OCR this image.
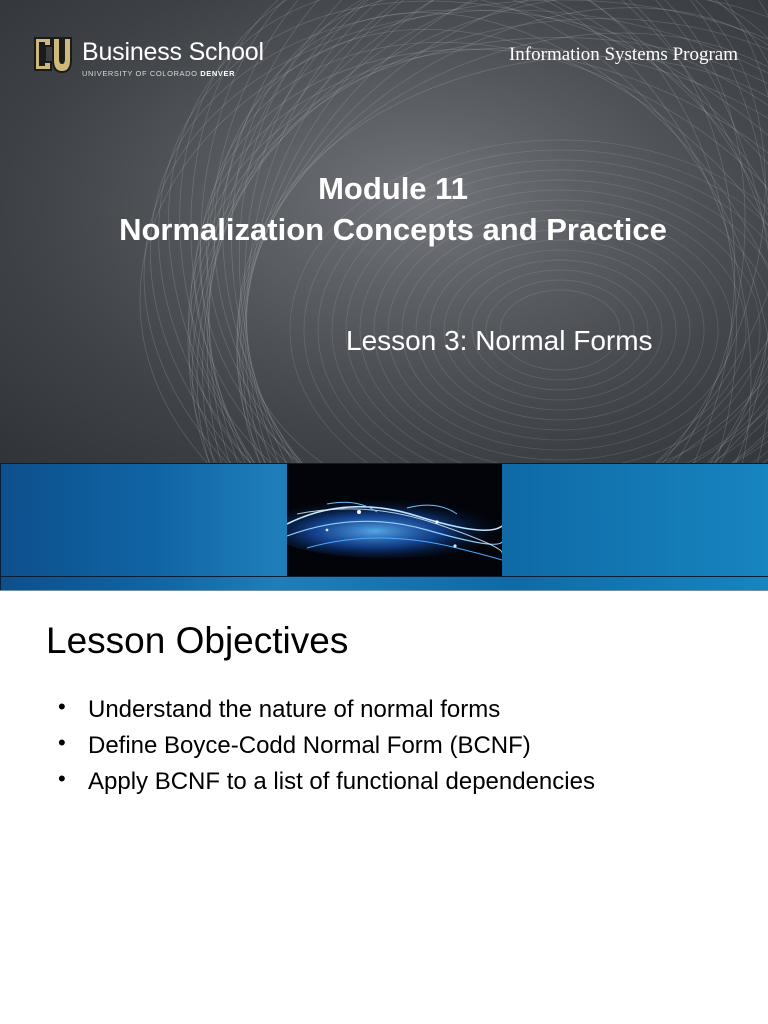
Business School
UNIVERSITY OF COLORADO DENVER
Information Systems Program
Module 11
Normalization Concepts and Practice
Lesson 3: Normal Forms
Lesson Objectives
• Understand the nature of normal forms
• Define Boyce-Codd Normal Form (BCNF)
• Apply BCNF to a list of functional dependencies
